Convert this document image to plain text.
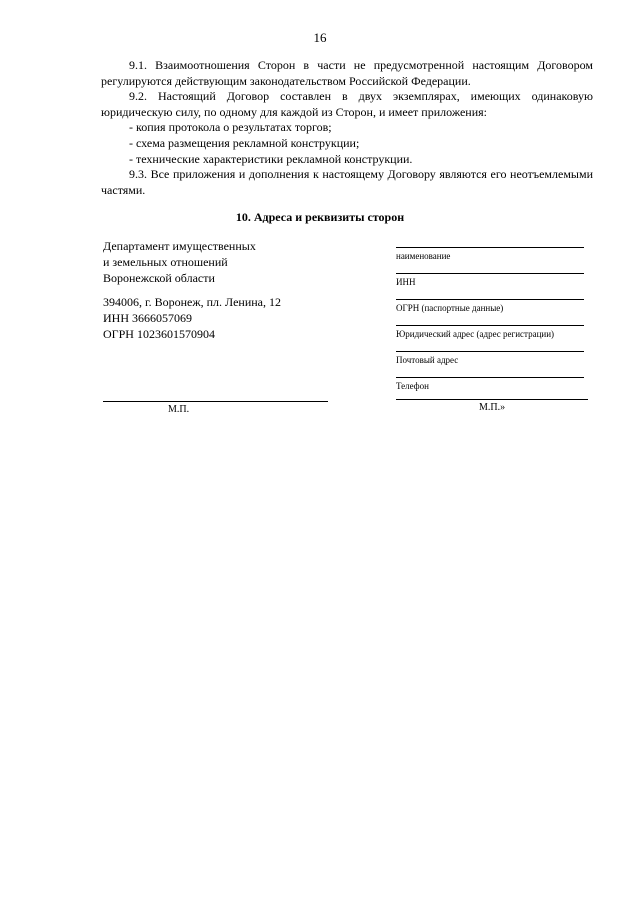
16

9.1. Взаимоотношения Сторон в части не предусмотренной настоящим Договором регулируются действующим законодательством Российской Федерации.

9.2. Настоящий Договор составлен в двух экземплярах, имеющих одинаковую юридическую силу, по одному для каждой из Сторон, и имеет приложения:

- копия протокола о результатах торгов;

- схема размещения рекламной конструкции;

- технические характеристики рекламной конструкции.

9.3. Все приложения и дополнения к настоящему Договору являются его неотъемлемыми частями.

10. Адреса и реквизиты сторон
Департамент имущественных
и земельных отношений
Воронежской области
394006, г. Воронеж, пл. Ленина, 12
ИНН 3666057069
ОГРН 1023601570904
наименование
ИНН
ОГРН (паспортные данные)
Юридический адрес (адрес регистрации)
Почтовый адрес
Телефон
М.П.	М.П.»
